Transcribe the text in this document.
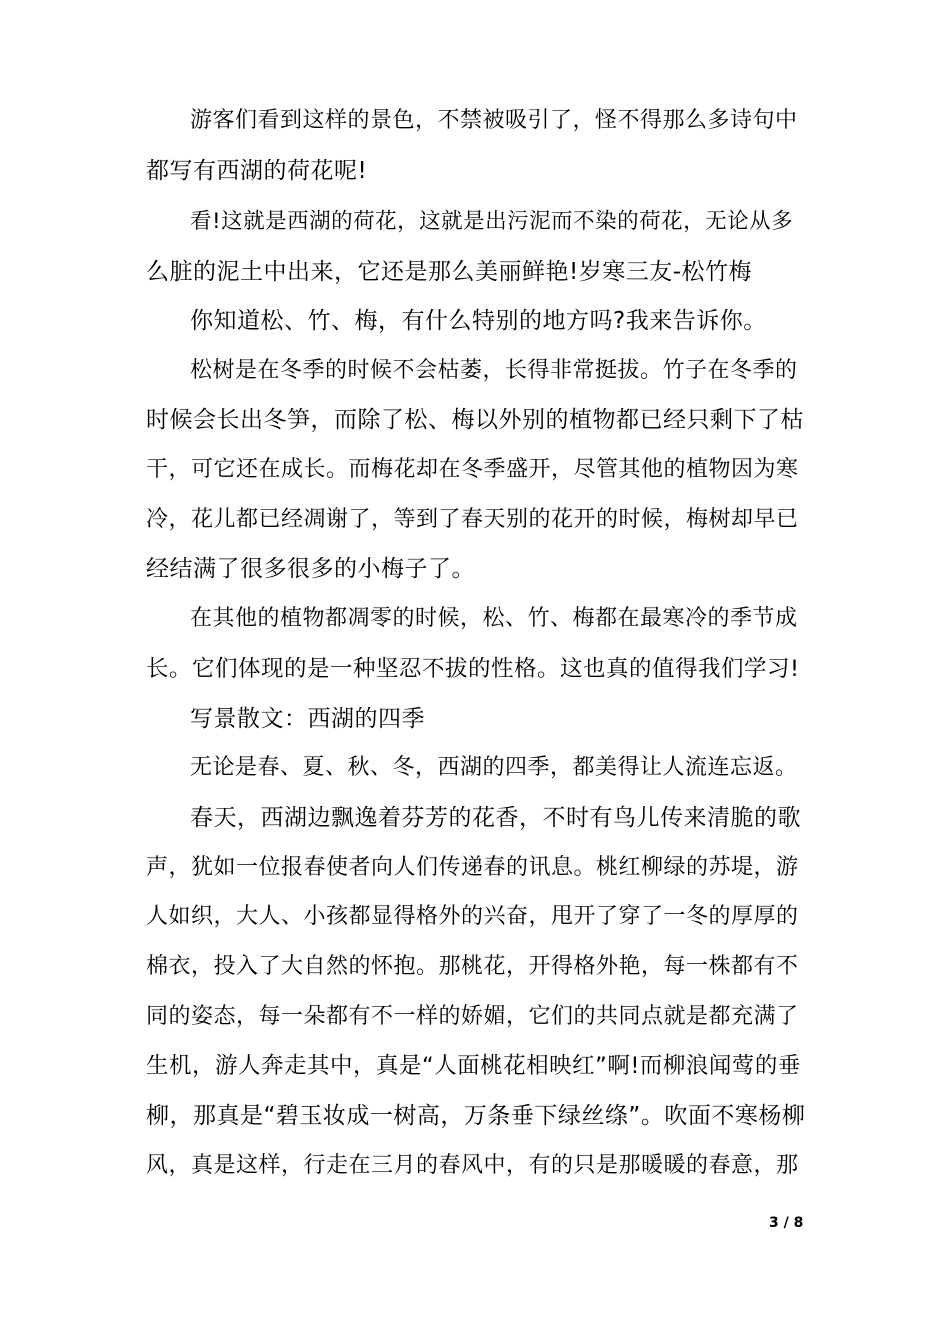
游客们看到这样的景色，不禁被吸引了，怪不得那么多诗句中
都写有西湖的荷花呢!
看!这就是西湖的荷花，这就是出污泥而不染的荷花，无论从多
么脏的泥土中出来，它还是那么美丽鲜艳!岁寒三友-松竹梅
你知道松、竹、梅，有什么特别的地方吗?我来告诉你。
松树是在冬季的时候不会枯萎，长得非常挺拔。竹子在冬季的
时候会长出冬笋，而除了松、梅以外别的植物都已经只剩下了枯
干，可它还在成长。而梅花却在冬季盛开，尽管其他的植物因为寒
冷，花儿都已经凋谢了，等到了春天别的花开的时候，梅树却早已
经结满了很多很多的小梅子了。
在其他的植物都凋零的时候，松、竹、梅都在最寒冷的季节成
长。它们体现的是一种坚忍不拔的性格。这也真的值得我们学习!
写景散文：西湖的四季
无论是春、夏、秋、冬，西湖的四季，都美得让人流连忘返。
春天，西湖边飘逸着芬芳的花香，不时有鸟儿传来清脆的歌
声，犹如一位报春使者向人们传递春的讯息。桃红柳绿的苏堤，游
人如织，大人、小孩都显得格外的兴奋，甩开了穿了一冬的厚厚的
棉衣，投入了大自然的怀抱。那桃花，开得格外艳，每一株都有不
同的姿态，每一朵都有不一样的娇媚，它们的共同点就是都充满了
生机，游人奔走其中，真是“人面桃花相映红”啊!而柳浪闻莺的垂
柳，那真是“碧玉妆成一树高，万条垂下绿丝绦”。吹面不寒杨柳
风，真是这样，行走在三月的春风中，有的只是那暖暖的春意，那
3 / 8
